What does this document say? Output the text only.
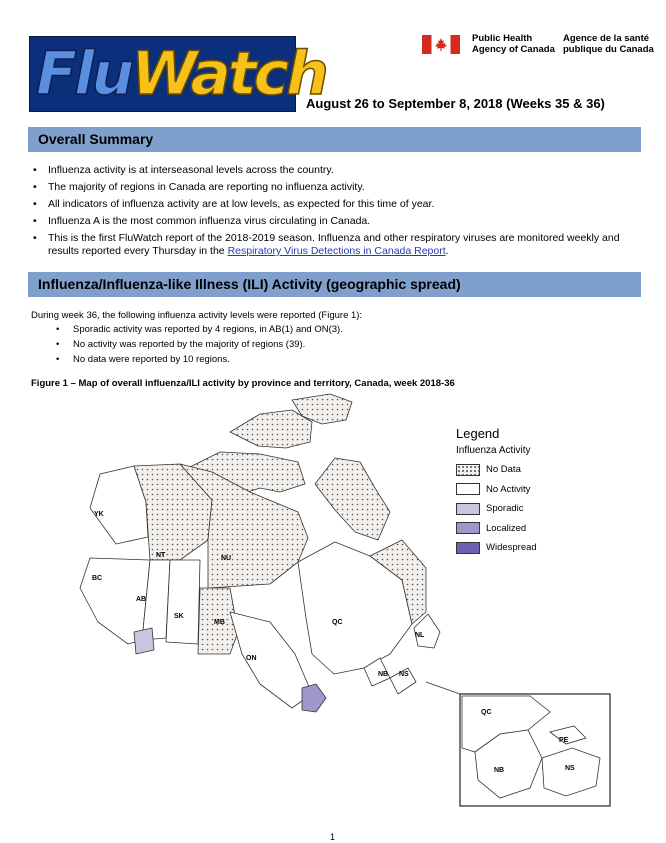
FluWatch
Public Health
Agency of Canada
Agence de la santé
publique du Canada
August 26 to September 8, 2018 (Weeks 35 & 36)
Overall Summary
• Influenza activity is at interseasonal levels across the country.
• The majority of regions in Canada are reporting no influenza activity.
• All indicators of influenza activity are at low levels, as expected for this time of year.
• Influenza A is the most common influenza virus circulating in Canada.
• This is the first FluWatch report of the 2018-2019 season. Influenza and other respiratory viruses are monitored weekly and results reported every Thursday in the Respiratory Virus Detections in Canada Report.
Influenza/Influenza-like Illness (ILI) Activity (geographic spread)
During week 36, the following influenza activity levels were reported (Figure 1):
• Sporadic activity was reported by 4 regions, in AB(1) and ON(3).
• No activity was reported by the majority of regions (39).
• No data were reported by 10 regions.
Figure 1 – Map of overall influenza/ILI activity by province and territory, Canada, week 2018-36
YK
NT	NU
BC
AB
SK
MB
ON
QC
NL
NB NS
QC
PE
NB	NS
Legend
Influenza Activity
No Data
No Activity
Sporadic
Localized
Widespread
1
